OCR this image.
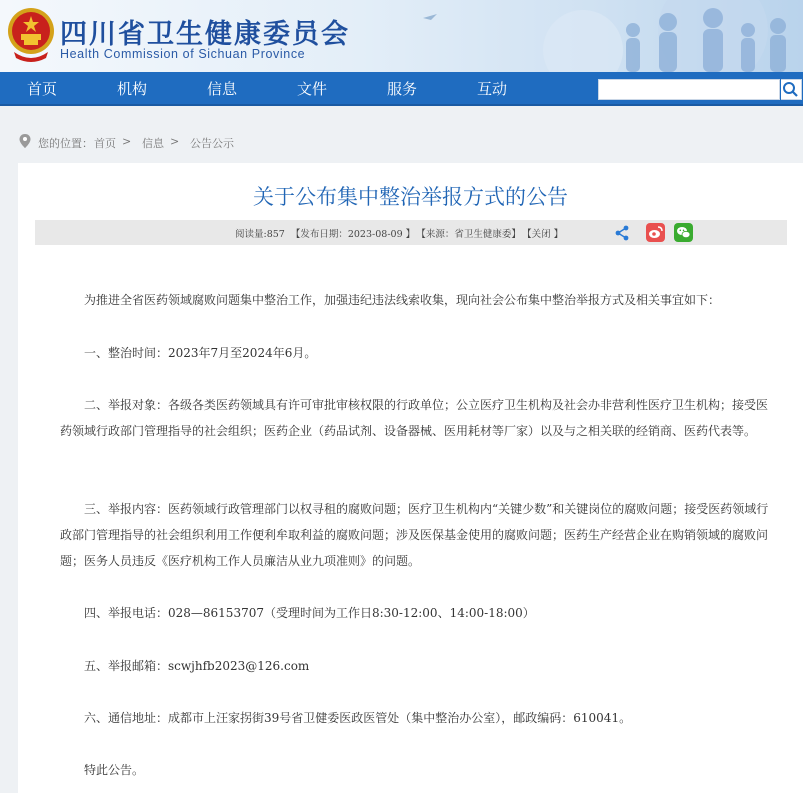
四川省卫生健康委员会
Health Commission of Sichuan Province
首页	机构	信息	文件	服务	互动
您的位置： 首页 > 信息 > 公告公示
关于公布集中整治举报方式的公告
阅读量:857 【发布日期：2023-08-09 】 【来源：省卫生健康委】 【关闭 】
为推进全省医药领域腐败问题集中整治工作，加强违纪违法线索收集，现向社会公布集中整治举报方式及相关事宜如下：
一、整治时间：2023年7月至2024年6月。
二、举报对象：各级各类医药领域具有许可审批审核权限的行政单位；公立医疗卫生机构及社会办非营利性医疗卫生机构；接受医药领域行政部门管理指导的社会组织；医药企业（药品试剂、设备器械、医用耗材等厂家）以及与之相关联的经销商、医药代表等。
三、举报内容：医药领域行政管理部门以权寻租的腐败问题；医疗卫生机构内“关键少数”和关键岗位的腐败问题；接受医药领域行政部门管理指导的社会组织利用工作便利牟取利益的腐败问题；涉及医保基金使用的腐败问题；医药生产经营企业在购销领域的腐败问题；医务人员违反《医疗机构工作人员廉洁从业九项准则》的问题。
四、举报电话：028—86153707（受理时间为工作日8:30-12:00、14:00-18:00）
五、举报邮箱：scwjhfb2023@126.com
六、通信地址：成都市上汪家拐街39号省卫健委医政医管处（集中整治办公室），邮政编码：610041。
特此公告。
